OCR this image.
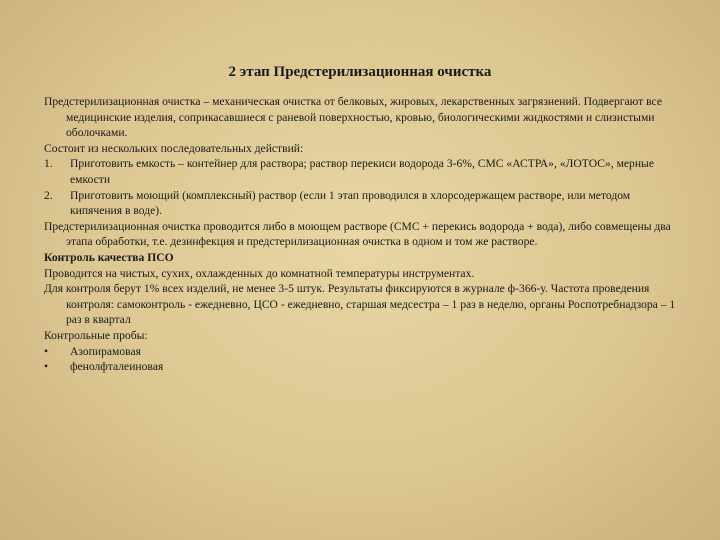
2 этап Предстерилизационная очистка

Предстерилизационная очистка – механическая очистка от белковых, жировых, лекарственных загрязнений. Подвергают все медицинские изделия, соприкасавшиеся с раневой поверхностью, кровью, биологическими жидкостями и слизистыми оболочками.

Состоит из нескольких последовательных действий:

1. Приготовить емкость – контейнер для раствора; раствор перекиси водорода 3-6%, СМС «АСТРА», «ЛОТОС», мерные емкости
2. Приготовить моющий (комплексный) раствор (если 1 этап проводился в хлорсодержащем растворе, или методом кипячения в воде).

Предстерилизационная очистка проводится либо в моющем растворе (СМС + перекись водорода + вода), либо совмещены два этапа обработки, т.е. дезинфекция и предстерилизационная очистка в одном и том же растворе.

Контроль качества ПСО

Проводится на чистых, сухих, охлажденных до комнатной температуры инструментах.

Для контроля берут 1% всех изделий, не менее 3-5 штук. Результаты фиксируются в журнале ф-366-у. Частота проведения контроля: самоконтроль - ежедневно, ЦСО - ежедневно, старшая медсестра – 1 раз в неделю, органы Роспотребнадзора – 1 раз в квартал

Контрольные пробы:

• Азопирамовая
• фенолфталеиновая
